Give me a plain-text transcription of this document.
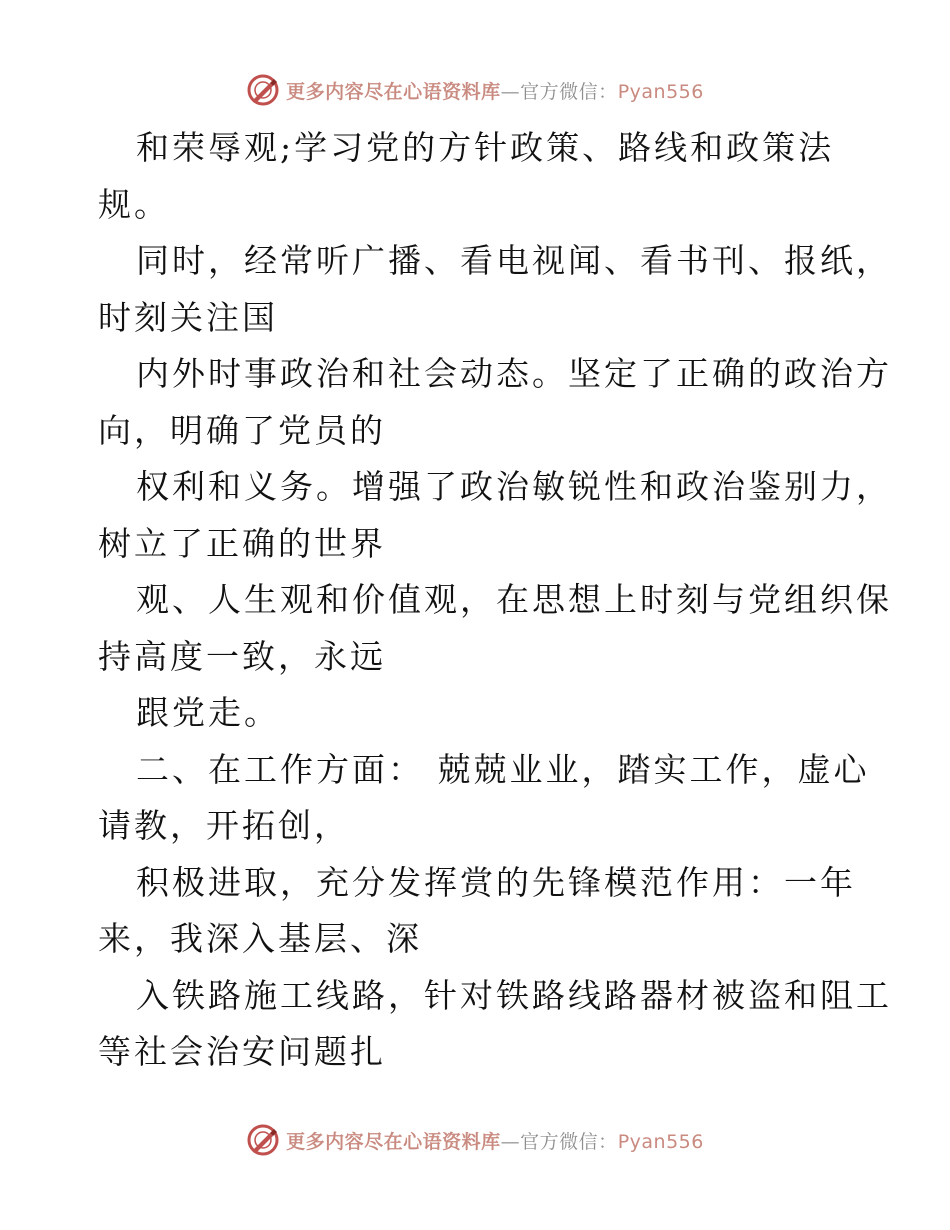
更多内容尽在心语资料库—官方微信：Pyan556
和荣辱观;学习党的方针政策、路线和政策法
规。
同时，经常听广播、看电视闻、看书刊、报纸，
时刻关注国
内外时事政治和社会动态。坚定了正确的政治方
向，明确了党员的
权利和义务。增强了政治敏锐性和政治鉴别力，
树立了正确的世界
观、人生观和价值观，在思想上时刻与党组织保
持高度一致，永远
跟党走。
二、在工作方面： 兢兢业业，踏实工作，虚心
请教，开拓创，
积极进取，充分发挥赏的先锋模范作用：一年
来，我深入基层、深
入铁路施工线路，针对铁路线路器材被盗和阻工
等社会治安问题扎
更多内容尽在心语资料库—官方微信：Pyan556
